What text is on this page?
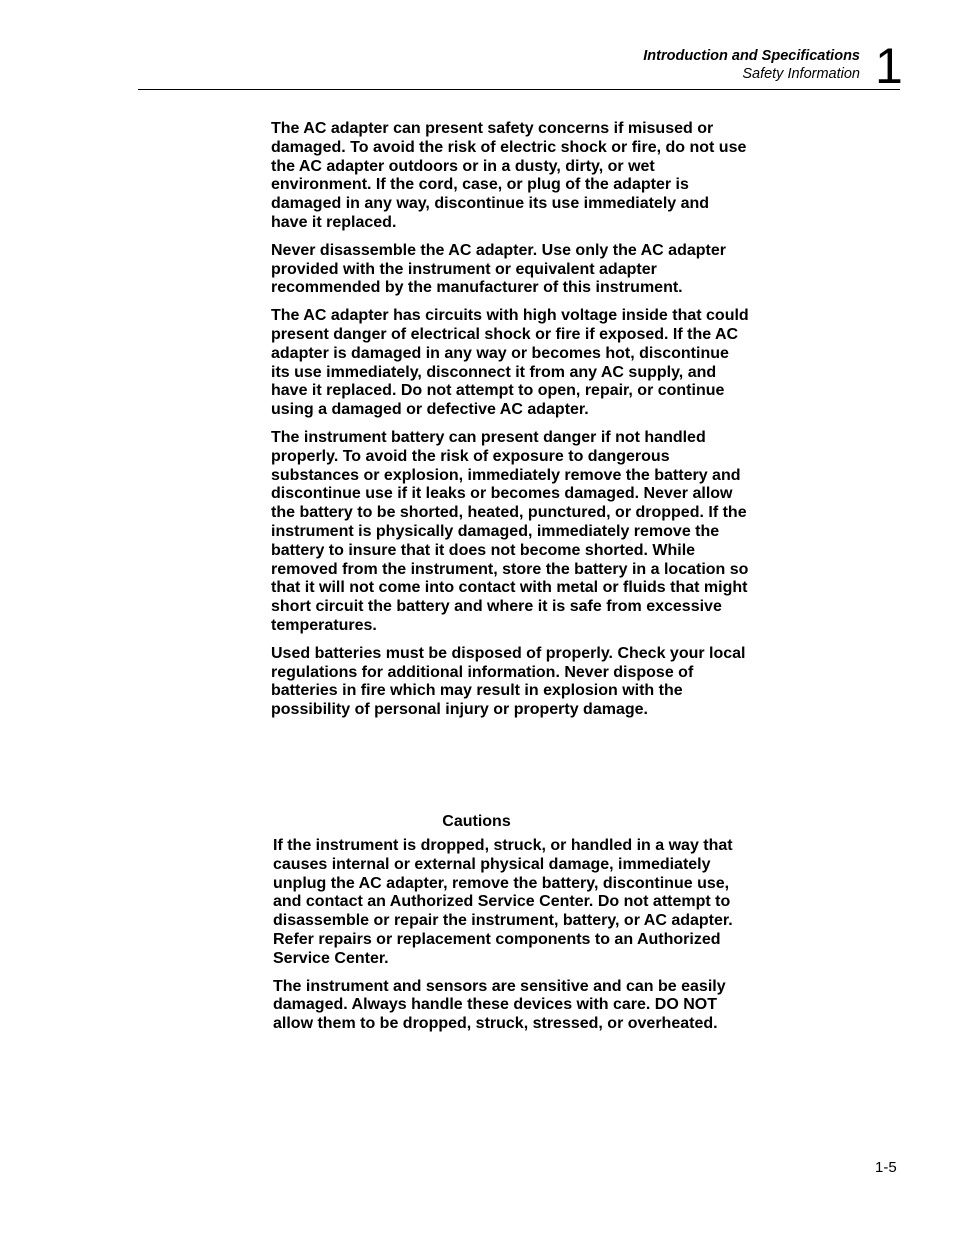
Introduction and Specifications
Safety Information 1

The AC adapter can present safety concerns if misused or damaged. To avoid the risk of electric shock or fire, do not use the AC adapter outdoors or in a dusty, dirty, or wet environment. If the cord, case, or plug of the adapter is damaged in any way, discontinue its use immediately and have it replaced.

Never disassemble the AC adapter. Use only the AC adapter provided with the instrument or equivalent adapter recommended by the manufacturer of this instrument.

The AC adapter has circuits with high voltage inside that could present danger of electrical shock or fire if exposed. If the AC adapter is damaged in any way or becomes hot, discontinue its use immediately, disconnect it from any AC supply, and have it replaced. Do not attempt to open, repair, or continue using a damaged or defective AC adapter.

The instrument battery can present danger if not handled properly. To avoid the risk of exposure to dangerous substances or explosion, immediately remove the battery and discontinue use if it leaks or becomes damaged. Never allow the battery to be shorted, heated, punctured, or dropped. If the instrument is physically damaged, immediately remove the battery to insure that it does not become shorted. While removed from the instrument, store the battery in a location so that it will not come into contact with metal or fluids that might short circuit the battery and where it is safe from excessive temperatures.

Used batteries must be disposed of properly. Check your local regulations for additional information. Never dispose of batteries in fire which may result in explosion with the possibility of personal injury or property damage.

Cautions

If the instrument is dropped, struck, or handled in a way that causes internal or external physical damage, immediately unplug the AC adapter, remove the battery, discontinue use, and contact an Authorized Service Center. Do not attempt to disassemble or repair the instrument, battery, or AC adapter. Refer repairs or replacement components to an Authorized Service Center.

The instrument and sensors are sensitive and can be easily damaged. Always handle these devices with care. DO NOT allow them to be dropped, struck, stressed, or overheated.

1-5
